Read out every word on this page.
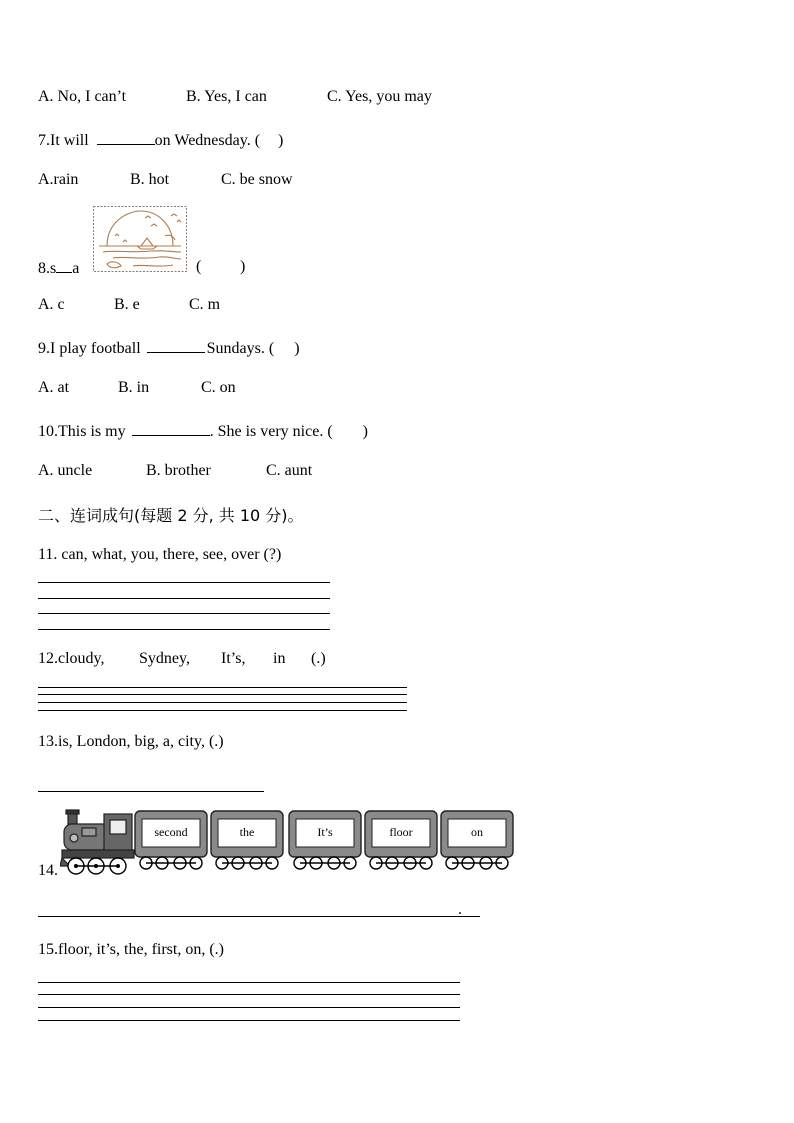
A. No, I can’t	B. Yes, I can	C. Yes, you may
7.It will	on Wednesday. ( )
A.rain	B. hot	C. be snow
8.s a	( )
A. c	B. e	C. m
9.I play football	Sundays. ( )
A. at	B. in	C. on
10.This is my	. She is very nice. ( )
A. uncle	B. brother	C. aunt
二、连词成句(每题 2 分, 共 10 分)。
11. can, what, you, there, see, over (?)
12.cloudy, Sydney, It’s, in (.)
13.is, London, big, a, city, (.)
14.
second	the	It’s	floor	on
.
15.floor, it’s, the, first, on, (.)
